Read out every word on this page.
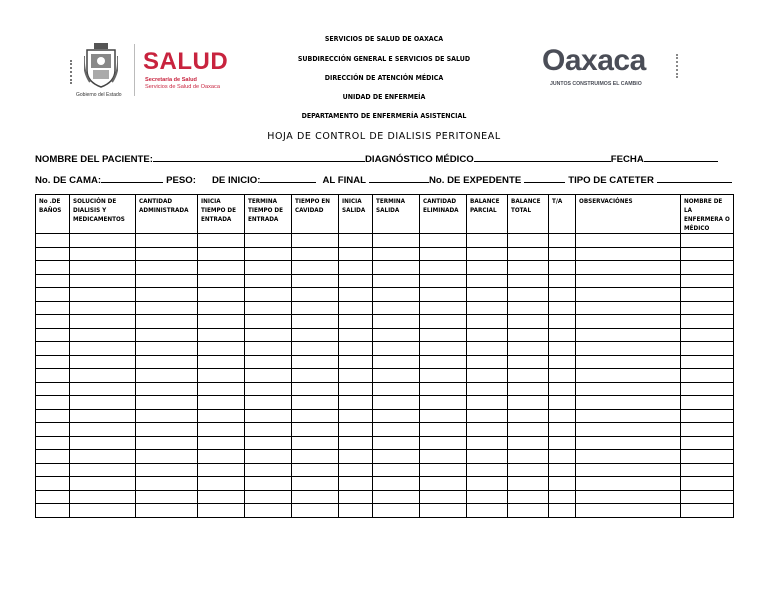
SERVICIOS DE SALUD DE OAXACA
SUBDIRECCIÓN GENERAL E SERVICIOS DE SALUD
DIRECCIÓN DE ATENCIÓN MÉDICA
UNIDAD DE ENFERMEÍA
DEPARTAMENTO DE ENFERMERÍA ASISTENCIAL
HOJA DE CONTROL DE DIALISIS PERITONEAL
Gobierno del Estado
SALUD
Secretaría de Salud
Servicios de Salud de Oaxaca
Oaxaca
JUNTOS CONSTRUIMOS EL CAMBIO
NOMBRE DEL PACIENTE:	DIAGNÓSTICO MÉDICO	FECHA
No. DE CAMA:	PESO: DE INICIO:	AL FINAL	No. DE EXPEDENTE	TIPO DE CATETER
No .DE BAÑOS	SOLUCIÓN DE DIALISIS Y MEDICAMENTOS	CANTIDAD ADMINISTRADA	INICIA TIEMPO DE ENTRADA	TERMINA TIEMPO DE ENTRADA	TIEMPO EN CAVIDAD	INICIA SALIDA	TERMINA SALIDA	CANTIDAD ELIMINADA	BALANCE PARCIAL	BALANCE TOTAL	T/A	OBSERVACIÓNES	NOMBRE DE LA ENFERMERA O MÉDICO
